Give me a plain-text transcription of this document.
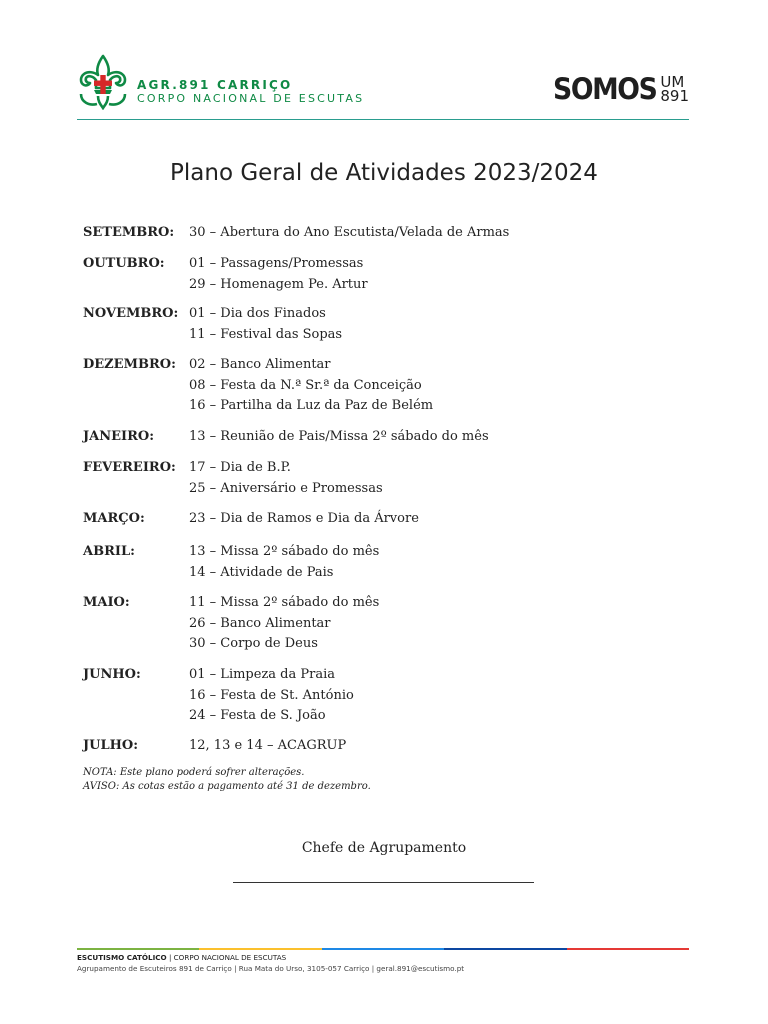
AGR.891 CARRIÇO
CORPO NACIONAL DE ESCUTAS	SOMOS UM
891
Plano Geral de Atividades 2023/2024
SETEMBRO: 30 – Abertura do Ano Escutista/Velada de Armas
OUTUBRO: 01 – Passagens/Promessas
29 – Homenagem Pe. Artur
NOVEMBRO: 01 – Dia dos Finados
11 – Festival das Sopas
DEZEMBRO: 02 – Banco Alimentar
08 – Festa da N.ª Sr.ª da Conceição
16 – Partilha da Luz da Paz de Belém
JANEIRO:	13 – Reunião de Pais/Missa 2º sábado do mês
FEVEREIRO: 17 – Dia de B.P.
25 – Aniversário e Promessas
MARÇO:	23 – Dia de Ramos e Dia da Árvore
ABRIL:	13 – Missa 2º sábado do mês
14 – Atividade de Pais
MAIO:	11 – Missa 2º sábado do mês
26 – Banco Alimentar
30 – Corpo de Deus
JUNHO:	01 – Limpeza da Praia
16 – Festa de St. António
24 – Festa de S. João
JULHO:	12, 13 e 14 – ACAGRUP
NOTA: Este plano poderá sofrer alterações.
AVISO: As cotas estão a pagamento até 31 de dezembro.
Chefe de Agrupamento
ESCUTISMO CATÓLICO | CORPO NACIONAL DE ESCUTAS
Agrupamento de Escuteiros 891 de Carriço | Rua Mata do Urso, 3105-057 Carriço | geral.891@escutismo.pt
